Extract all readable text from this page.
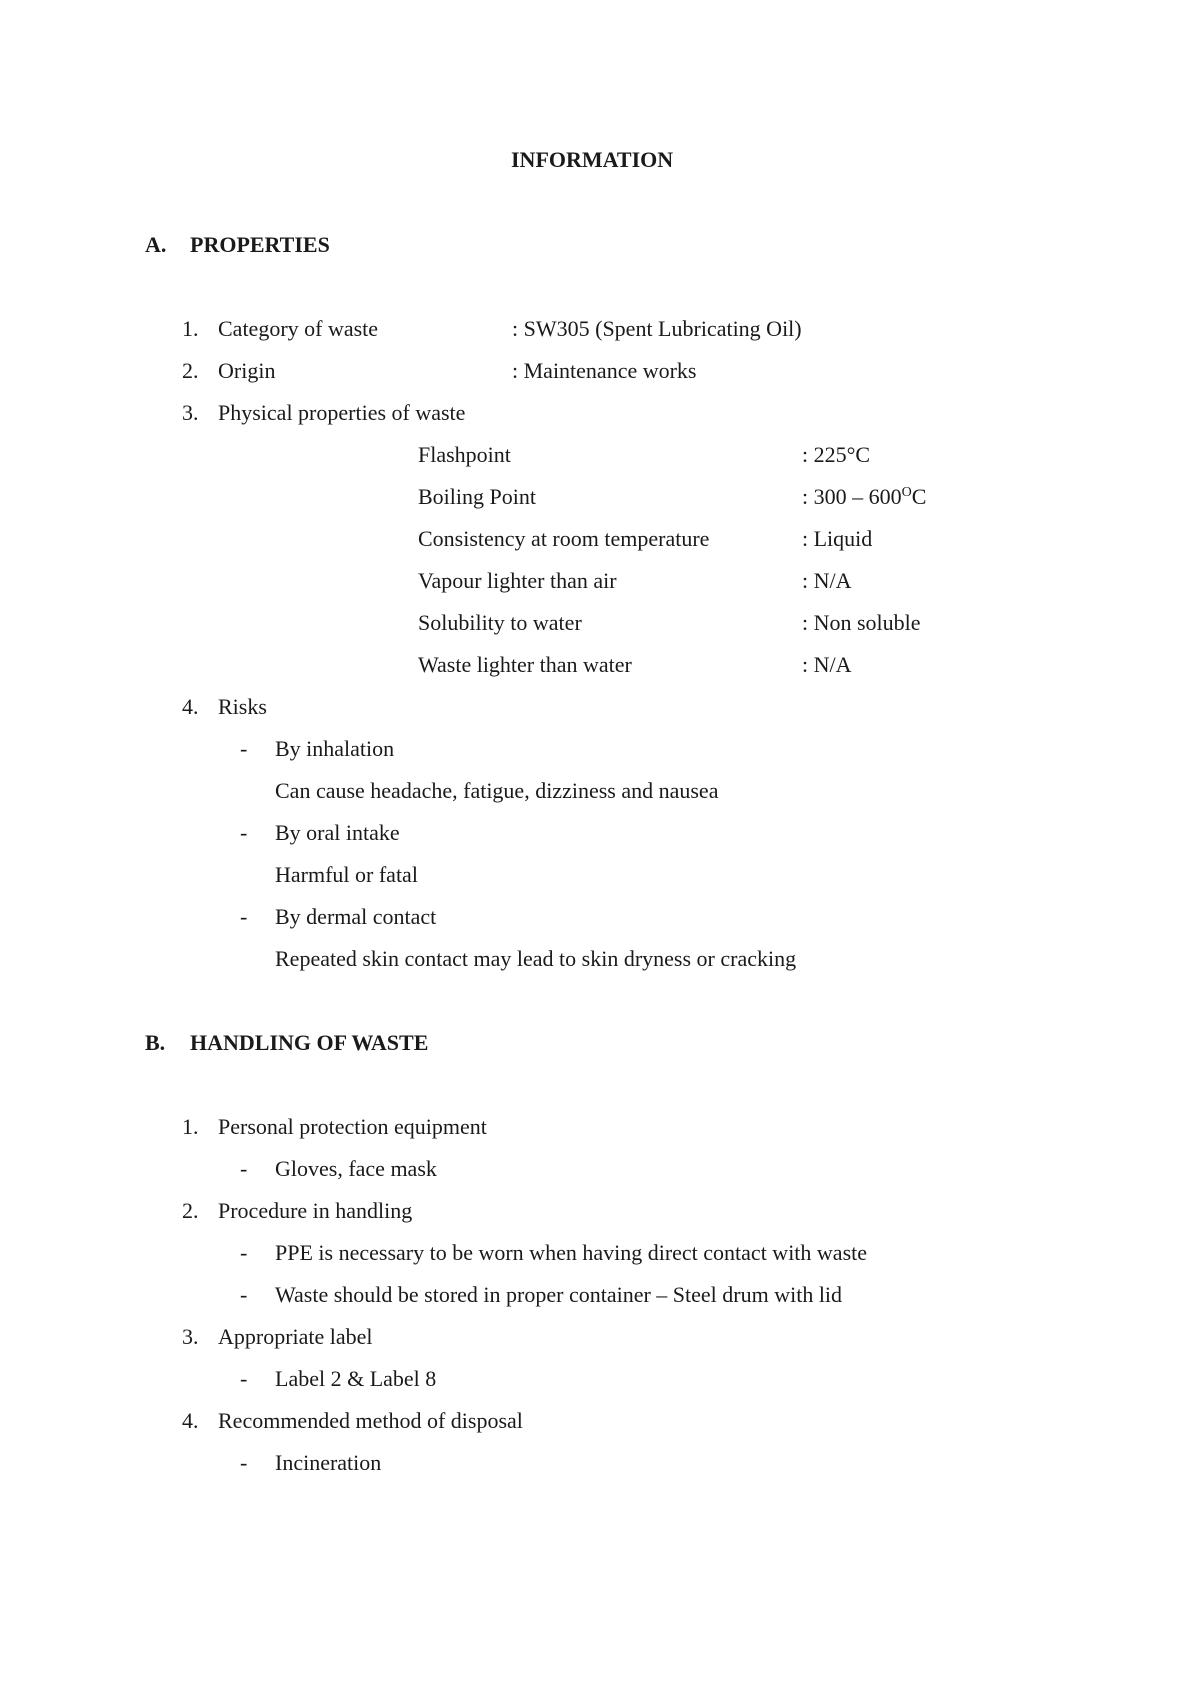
INFORMATION
A. PROPERTIES
1. Category of waste	: SW305 (Spent Lubricating Oil)
2. Origin	: Maintenance works
3. Physical properties of waste
Flashpoint	: 225°C
Boiling Point	: $300 - 600^OC$
Consistency at room temperature	: Liquid
Vapour lighter than air	: N/A
Solubility to water	: Non soluble
Waste lighter than water	: N/A
4. Risks
- By inhalation
Can cause headache, fatigue, dizziness and nausea
- By oral intake
Harmful or fatal
- By dermal contact
Repeated skin contact may lead to skin dryness or cracking
B. HANDLING OF WASTE
1. Personal protection equipment
- Gloves, face mask
2. Procedure in handling
- PPE is necessary to be worn when having direct contact with waste
- Waste should be stored in proper container – Steel drum with lid
3. Appropriate label
- Label 2 & Label 8
4. Recommended method of disposal
- Incineration
